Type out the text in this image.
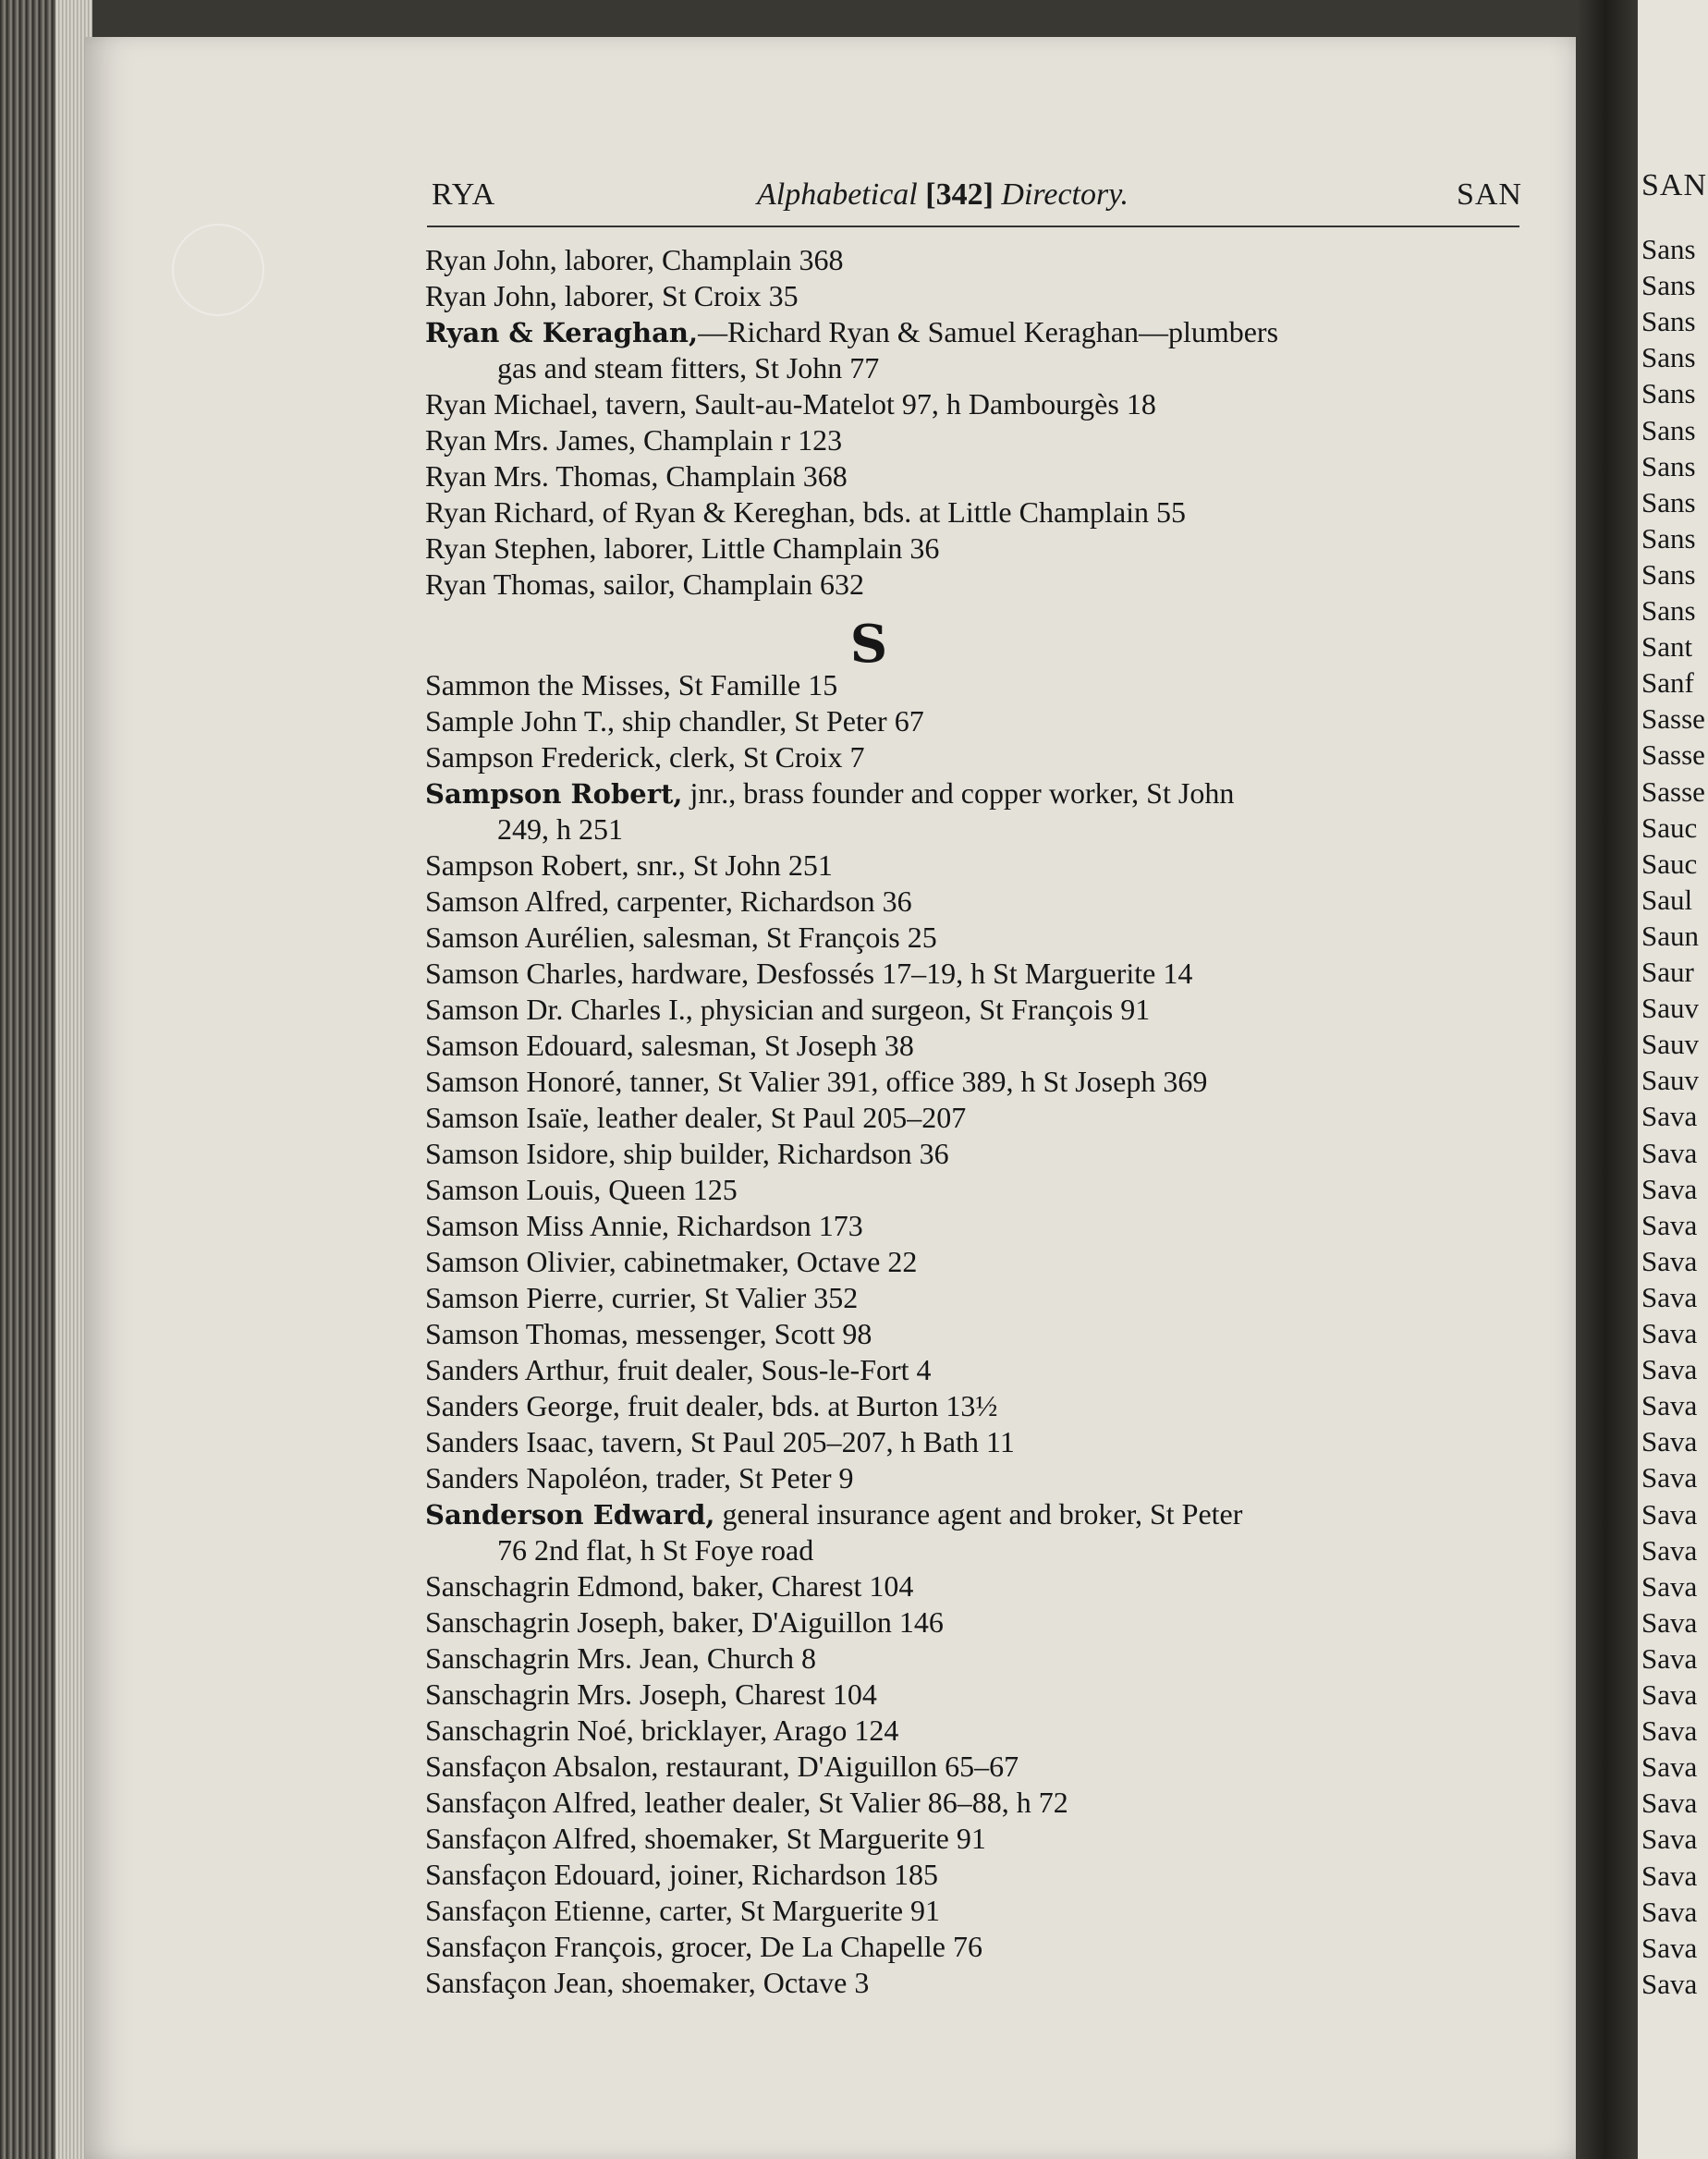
RYA	Alphabetical [342] Directory.	SAN
Ryan John, laborer, Champlain 368
Ryan John, laborer, St Croix 35
Ryan & Keraghan,—Richard Ryan & Samuel Keraghan—plumbers
gas and steam fitters, St John 77
Ryan Michael, tavern, Sault-au-Matelot 97, h Dambourgès 18
Ryan Mrs. James, Champlain r 123
Ryan Mrs. Thomas, Champlain 368
Ryan Richard, of Ryan & Kereghan, bds. at Little Champlain 55
Ryan Stephen, laborer, Little Champlain 36
Ryan Thomas, sailor, Champlain 632
S
Sammon the Misses, St Famille 15
Sample John T., ship chandler, St Peter 67
Sampson Frederick, clerk, St Croix 7
Sampson Robert, jnr., brass founder and copper worker, St John
249, h 251
Sampson Robert, snr., St John 251
Samson Alfred, carpenter, Richardson 36
Samson Aurélien, salesman, St François 25
Samson Charles, hardware, Desfossés 17–19, h St Marguerite 14
Samson Dr. Charles I., physician and surgeon, St François 91
Samson Edouard, salesman, St Joseph 38
Samson Honoré, tanner, St Valier 391, office 389, h St Joseph 369
Samson Isaïe, leather dealer, St Paul 205–207
Samson Isidore, ship builder, Richardson 36
Samson Louis, Queen 125
Samson Miss Annie, Richardson 173
Samson Olivier, cabinetmaker, Octave 22
Samson Pierre, currier, St Valier 352
Samson Thomas, messenger, Scott 98
Sanders Arthur, fruit dealer, Sous-le-Fort 4
Sanders George, fruit dealer, bds. at Burton 13½
Sanders Isaac, tavern, St Paul 205–207, h Bath 11
Sanders Napoléon, trader, St Peter 9
Sanderson Edward, general insurance agent and broker, St Peter
76 2nd flat, h St Foye road
Sanschagrin Edmond, baker, Charest 104
Sanschagrin Joseph, baker, D'Aiguillon 146
Sanschagrin Mrs. Jean, Church 8
Sanschagrin Mrs. Joseph, Charest 104
Sanschagrin Noé, bricklayer, Arago 124
Sansfaçon Absalon, restaurant, D'Aiguillon 65–67
Sansfaçon Alfred, leather dealer, St Valier 86–88, h 72
Sansfaçon Alfred, shoemaker, St Marguerite 91
Sansfaçon Edouard, joiner, Richardson 185
Sansfaçon Etienne, carter, St Marguerite 91
Sansfaçon François, grocer, De La Chapelle 76
Sansfaçon Jean, shoemaker, Octave 3
SAN
Sans
Sans
Sans
Sans
Sans
Sans
Sans
Sans
Sans
Sans
Sans
Sant
Sanf
Sasse
Sasse
Sasse
Sauc
Sauc
Saul
Saun
Saur
Sauv
Sauv
Sauv
Sava
Sava
Sava
Sava
Sava
Sava
Sava
Sava
Sava
Sava
Sava
Sava
Sava
Sava
Sava
Sava
Sava
Sava
Sava
Sava
Sava
Sava
Sava
Sava
Sava
